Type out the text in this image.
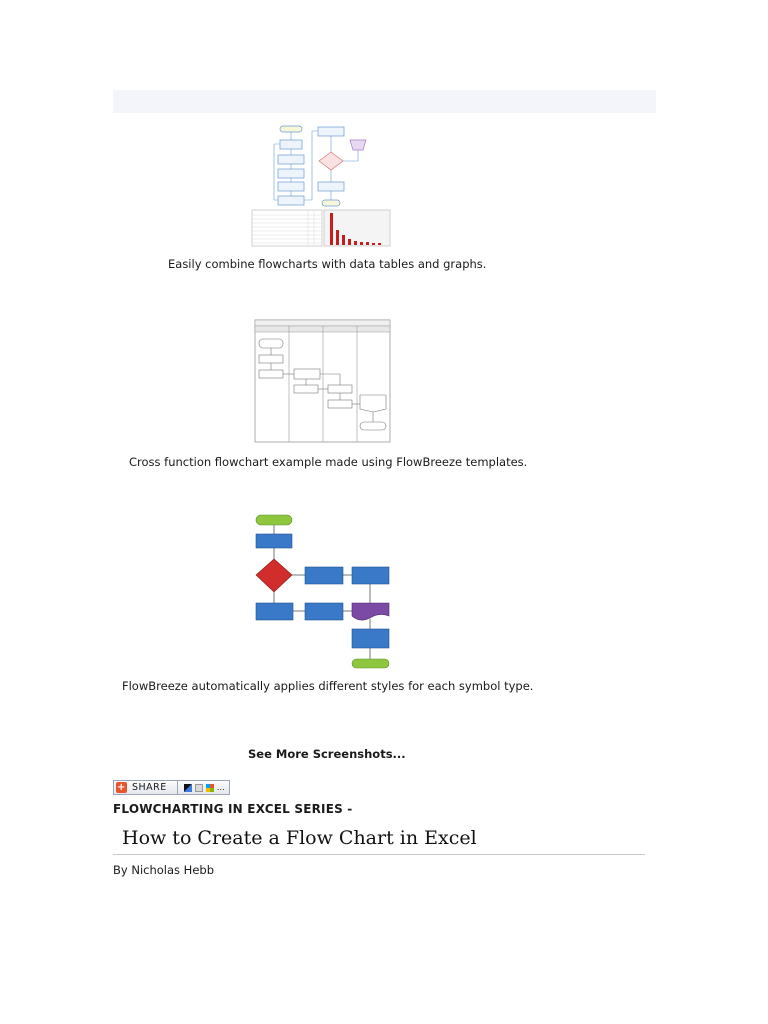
Easily combine flowcharts with data tables and graphs.
Cross function flowchart example made using FlowBreeze templates.
FlowBreeze automatically applies different styles for each symbol type.
See More Screenshots...
+ SHARE	…
FLOWCHARTING IN EXCEL SERIES -
How to Create a Flow Chart in Excel
By Nicholas Hebb
